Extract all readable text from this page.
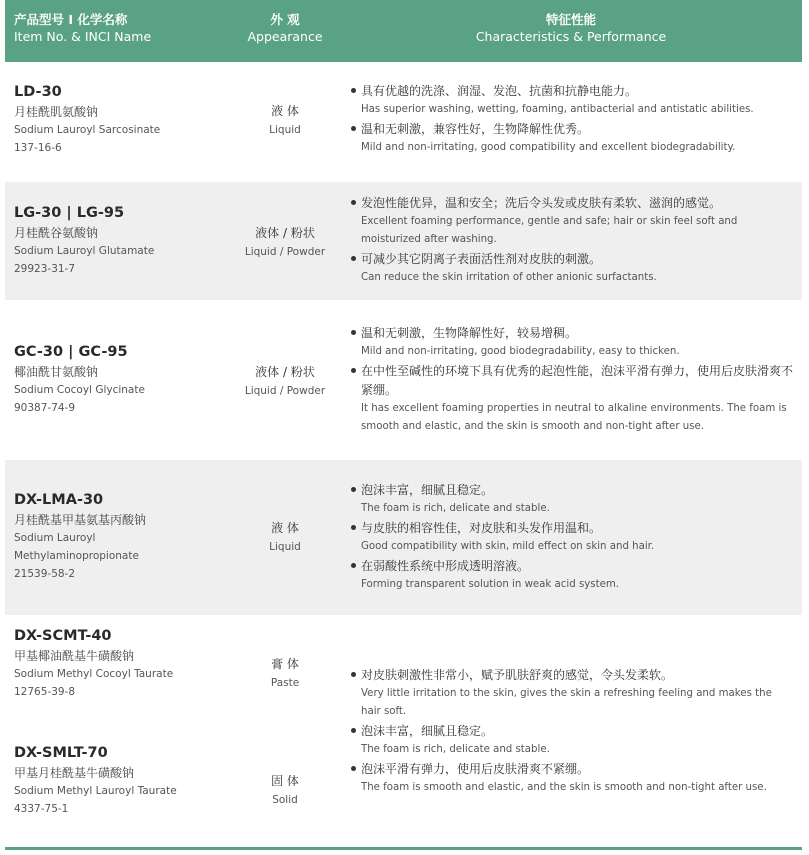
产品型号 I 化学名称
Item No. & INCI Name
外 观
Appearance
特征性能
Characteristics & Performance
LD-30
月桂酰肌氨酸钠
Sodium Lauroyl Sarcosinate
137-16-6
液 体
Liquid
具有优越的洗涤、润湿、发泡、抗菌和抗静电能力。
Has superior washing, wetting, foaming, antibacterial and antistatic abilities.
温和无刺激，兼容性好，生物降解性优秀。
Mild and non-irritating, good compatibility and excellent biodegradability.
LG-30 | LG-95
月桂酰谷氨酸钠
Sodium Lauroyl Glutamate
29923-31-7
液体 / 粉状
Liquid / Powder
发泡性能优异，温和安全；洗后令头发或皮肤有柔软、滋润的感觉。
Excellent foaming performance, gentle and safe; hair or skin feel soft and moisturized after washing.
可减少其它阴离子表面活性剂对皮肤的刺激。
Can reduce the skin irritation of other anionic surfactants.
GC-30 | GC-95
椰油酰甘氨酸钠
Sodium Cocoyl Glycinate
90387-74-9
液体 / 粉状
Liquid / Powder
温和无刺激，生物降解性好，较易增稠。
Mild and non-irritating, good biodegradability, easy to thicken.
在中性至碱性的环境下具有优秀的起泡性能，泡沫平滑有弹力，使用后皮肤滑爽不紧绷。
It has excellent foaming properties in neutral to alkaline environments. The foam is smooth and elastic, and the skin is smooth and non-tight after use.
DX-LMA-30
月桂酰基甲基氨基丙酸钠
Sodium Lauroyl
Methylaminopropionate
21539-58-2
液 体
Liquid
泡沫丰富，细腻且稳定。
The foam is rich, delicate and stable.
与皮肤的相容性佳，对皮肤和头发作用温和。
Good compatibility with skin, mild effect on skin and hair.
在弱酸性系统中形成透明溶液。
Forming transparent solution in weak acid system.
DX-SCMT-40
甲基椰油酰基牛磺酸钠
Sodium Methyl Cocoyl Taurate
12765-39-8
DX-SMLT-70
甲基月桂酰基牛磺酸钠
Sodium Methyl Lauroyl Taurate
4337-75-1
膏 体
Paste
固 体
Solid
对皮肤刺激性非常小，赋予肌肤舒爽的感觉，令头发柔软。
Very little irritation to the skin, gives the skin a refreshing feeling and makes the hair soft.
泡沫丰富，细腻且稳定。
The foam is rich, delicate and stable.
泡沫平滑有弹力，使用后皮肤滑爽不紧绷。
The foam is smooth and elastic, and the skin is smooth and non-tight after use.
